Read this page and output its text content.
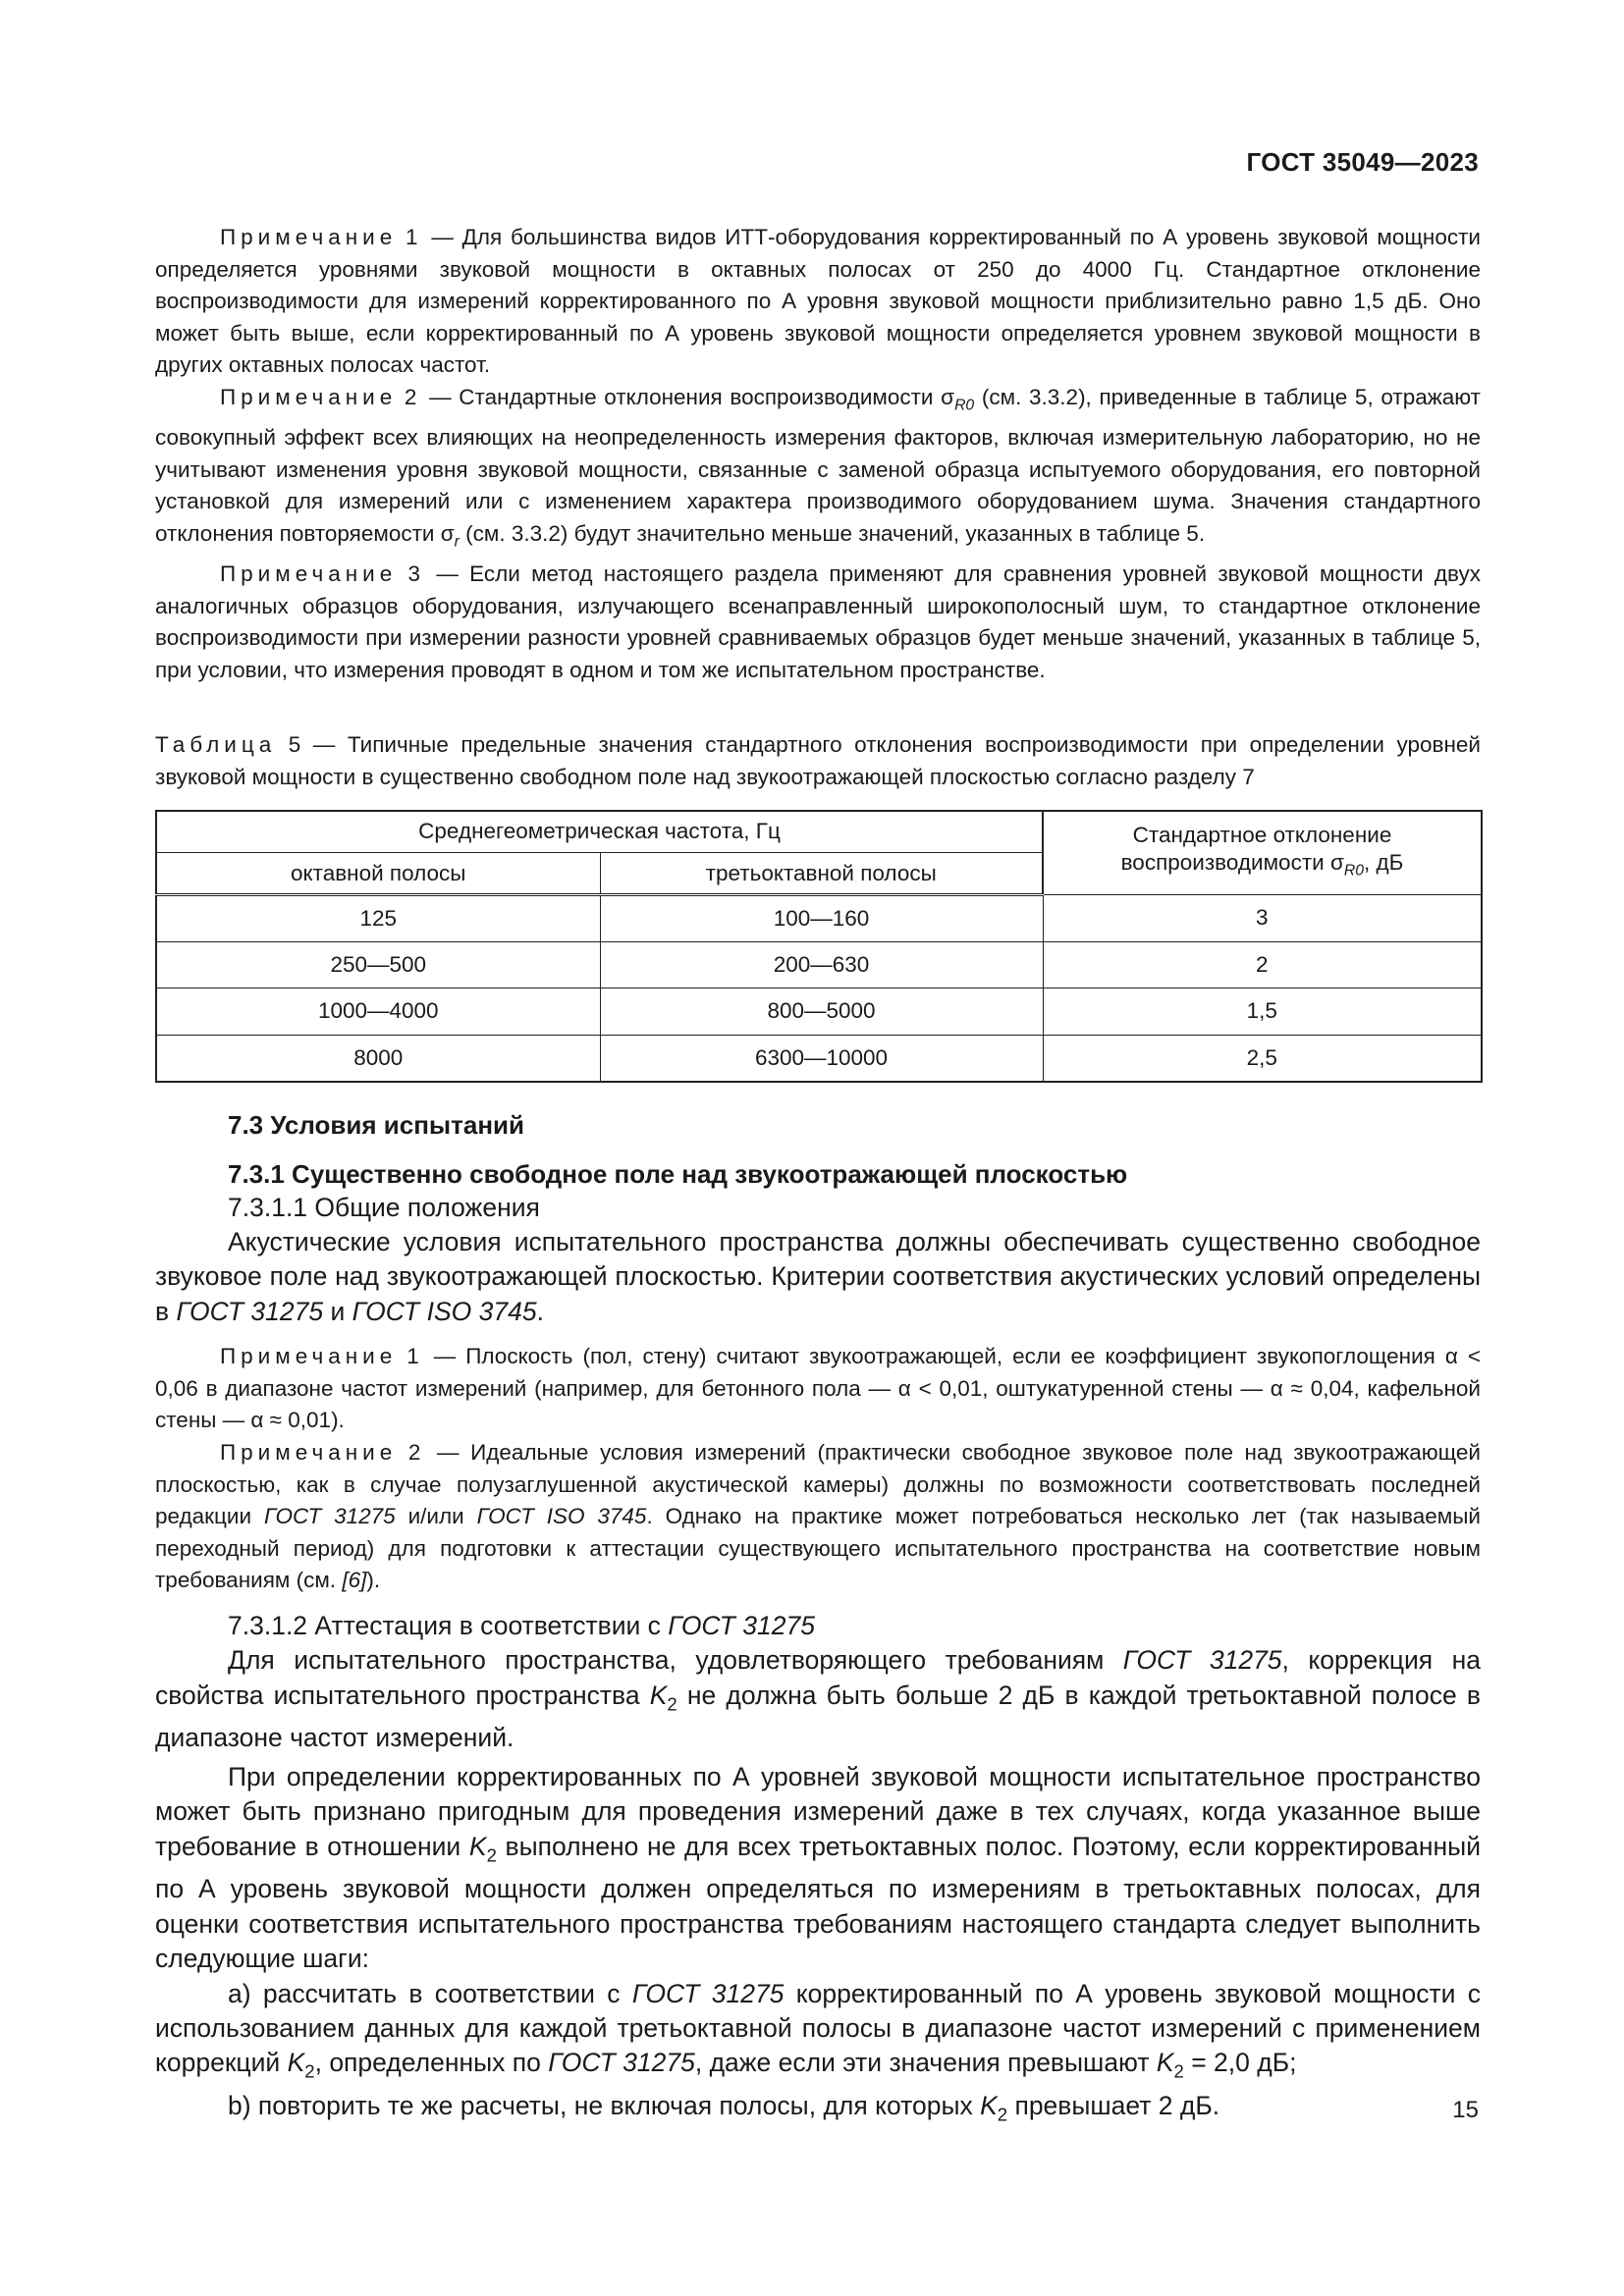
ГОСТ 35049—2023

Примечание 1 — Для большинства видов ИТТ-оборудования корректированный по А уровень звуковой мощности определяется уровнями звуковой мощности в октавных полосах от 250 до 4000 Гц. Стандартное отклонение воспроизводимости для измерений корректированного по А уровня звуковой мощности приблизительно равно 1,5 дБ. Оно может быть выше, если корректированный по А уровень звуковой мощности определяется уровнем звуковой мощности в других октавных полосах частот.

Примечание 2 — Стандартные отклонения воспроизводимости $\sigma_{R0}$ (см. 3.3.2), приведенные в таблице 5, отражают совокупный эффект всех влияющих на неопределенность измерения факторов, включая измерительную лабораторию, но не учитывают изменения уровня звуковой мощности, связанные с заменой образца испытуемого оборудования, его повторной установкой для измерений или с изменением характера производимого оборудованием шума. Значения стандартного отклонения повторяемости $\sigma_r$ (см. 3.3.2) будут значительно меньше значений, указанных в таблице 5.

Примечание 3 — Если метод настоящего раздела применяют для сравнения уровней звуковой мощности двух аналогичных образцов оборудования, излучающего всенаправленный широкополосный шум, то стандартное отклонение воспроизводимости при измерении разности уровней сравниваемых образцов будет меньше значений, указанных в таблице 5, при условии, что измерения проводят в одном и том же испытательном пространстве.

Таблица 5 — Типичные предельные значения стандартного отклонения воспроизводимости при определении уровней звуковой мощности в существенно свободном поле над звукоотражающей плоскостью согласно разделу 7

Среднегеометрическая частота, Гц		Стандартное отклонение
воспроизводимости $\sigma_{R0}$, дБ
октавной полосы	третьоктавной полосы	
125	100—160	3
250—500	200—630	2
1000—4000	800—5000	1,5
8000	6300—10000	2,5
7.3 Условия испытаний
7.3.1 Существенно свободное поле над звукоотражающей плоскостью
7.3.1.1 Общие положения

Акустические условия испытательного пространства должны обеспечивать существенно свободное звуковое поле над звукоотражающей плоскостью. Критерии соответствия акустических условий определены в ГОСТ 31275 и ГОСТ ISO 3745.

Примечание 1 — Плоскость (пол, стену) считают звукоотражающей, если ее коэффициент звукопоглощения α < 0,06 в диапазоне частот измерений (например, для бетонного пола — α < 0,01, оштукатуренной стены — α ≈ 0,04, кафельной стены — α ≈ 0,01).

Примечание 2 — Идеальные условия измерений (практически свободное звуковое поле над звукоотражающей плоскостью, как в случае полузаглушенной акустической камеры) должны по возможности соответствовать последней редакции ГОСТ 31275 и/или ГОСТ ISO 3745. Однако на практике может потребоваться несколько лет (так называемый переходный период) для подготовки к аттестации существующего испытательного пространства на соответствие новым требованиям (см. [6]).

7.3.1.2 Аттестация в соответствии с ГОСТ 31275

Для испытательного пространства, удовлетворяющего требованиям ГОСТ 31275, коррекция на свойства испытательного пространства $K_2$ не должна быть больше 2 дБ в каждой третьоктавной полосе в диапазоне частот измерений.

При определении корректированных по А уровней звуковой мощности испытательное пространство может быть признано пригодным для проведения измерений даже в тех случаях, когда указанное выше требование в отношении $K_2$ выполнено не для всех третьоктавных полос. Поэтому, если корректированный по А уровень звуковой мощности должен определяться по измерениям в третьоктавных полосах, для оценки соответствия испытательного пространства требованиям настоящего стандарта следует выполнить следующие шаги:

a) рассчитать в соответствии с ГОСТ 31275 корректированный по А уровень звуковой мощности с использованием данных для каждой третьоктавной полосы в диапазоне частот измерений с применением коррекций $K_2$, определенных по ГОСТ 31275, даже если эти значения превышают $K_2 = 2,0$ дБ;

b) повторить те же расчеты, не включая полосы, для которых $K_2$ превышает 2 дБ.	15
